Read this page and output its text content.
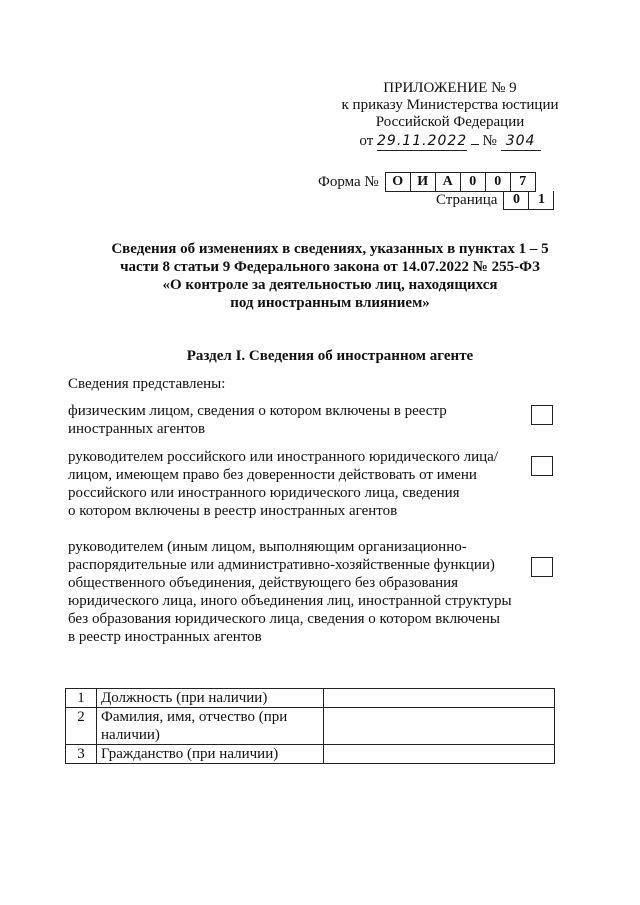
ПРИЛОЖЕНИЕ № 9
к приказу Министерства юстиции
Российской Федерации
от 29.11.2022 № 304
Форма № О	И	А	0	0	7
Страница	0	1
Сведения об изменениях в сведениях, указанных в пунктах 1 – 5
части 8 статьи 9 Федерального закона от 14.07.2022 № 255-ФЗ
«О контроле за деятельностью лиц, находящихся
под иностранным влиянием»
Раздел I. Сведения об иностранном агенте
Сведения представлены:
физическим лицом, сведения о котором включены в реестр
иностранных агентов
руководителем российского или иностранного юридического лица/
лицом, имеющем право без доверенности действовать от имени
российского или иностранного юридического лица, сведения
о котором включены в реестр иностранных агентов
руководителем (иным лицом, выполняющим организационно-
распорядительные или административно-хозяйственные функции)
общественного объединения, действующего без образования
юридического лица, иного объединения лиц, иностранной структуры
без образования юридического лица, сведения о котором включены
в реестр иностранных агентов
1	Должность (при наличии)	
2	Фамилия, имя, отчество (при наличии)	
3	Гражданство (при наличии)	
